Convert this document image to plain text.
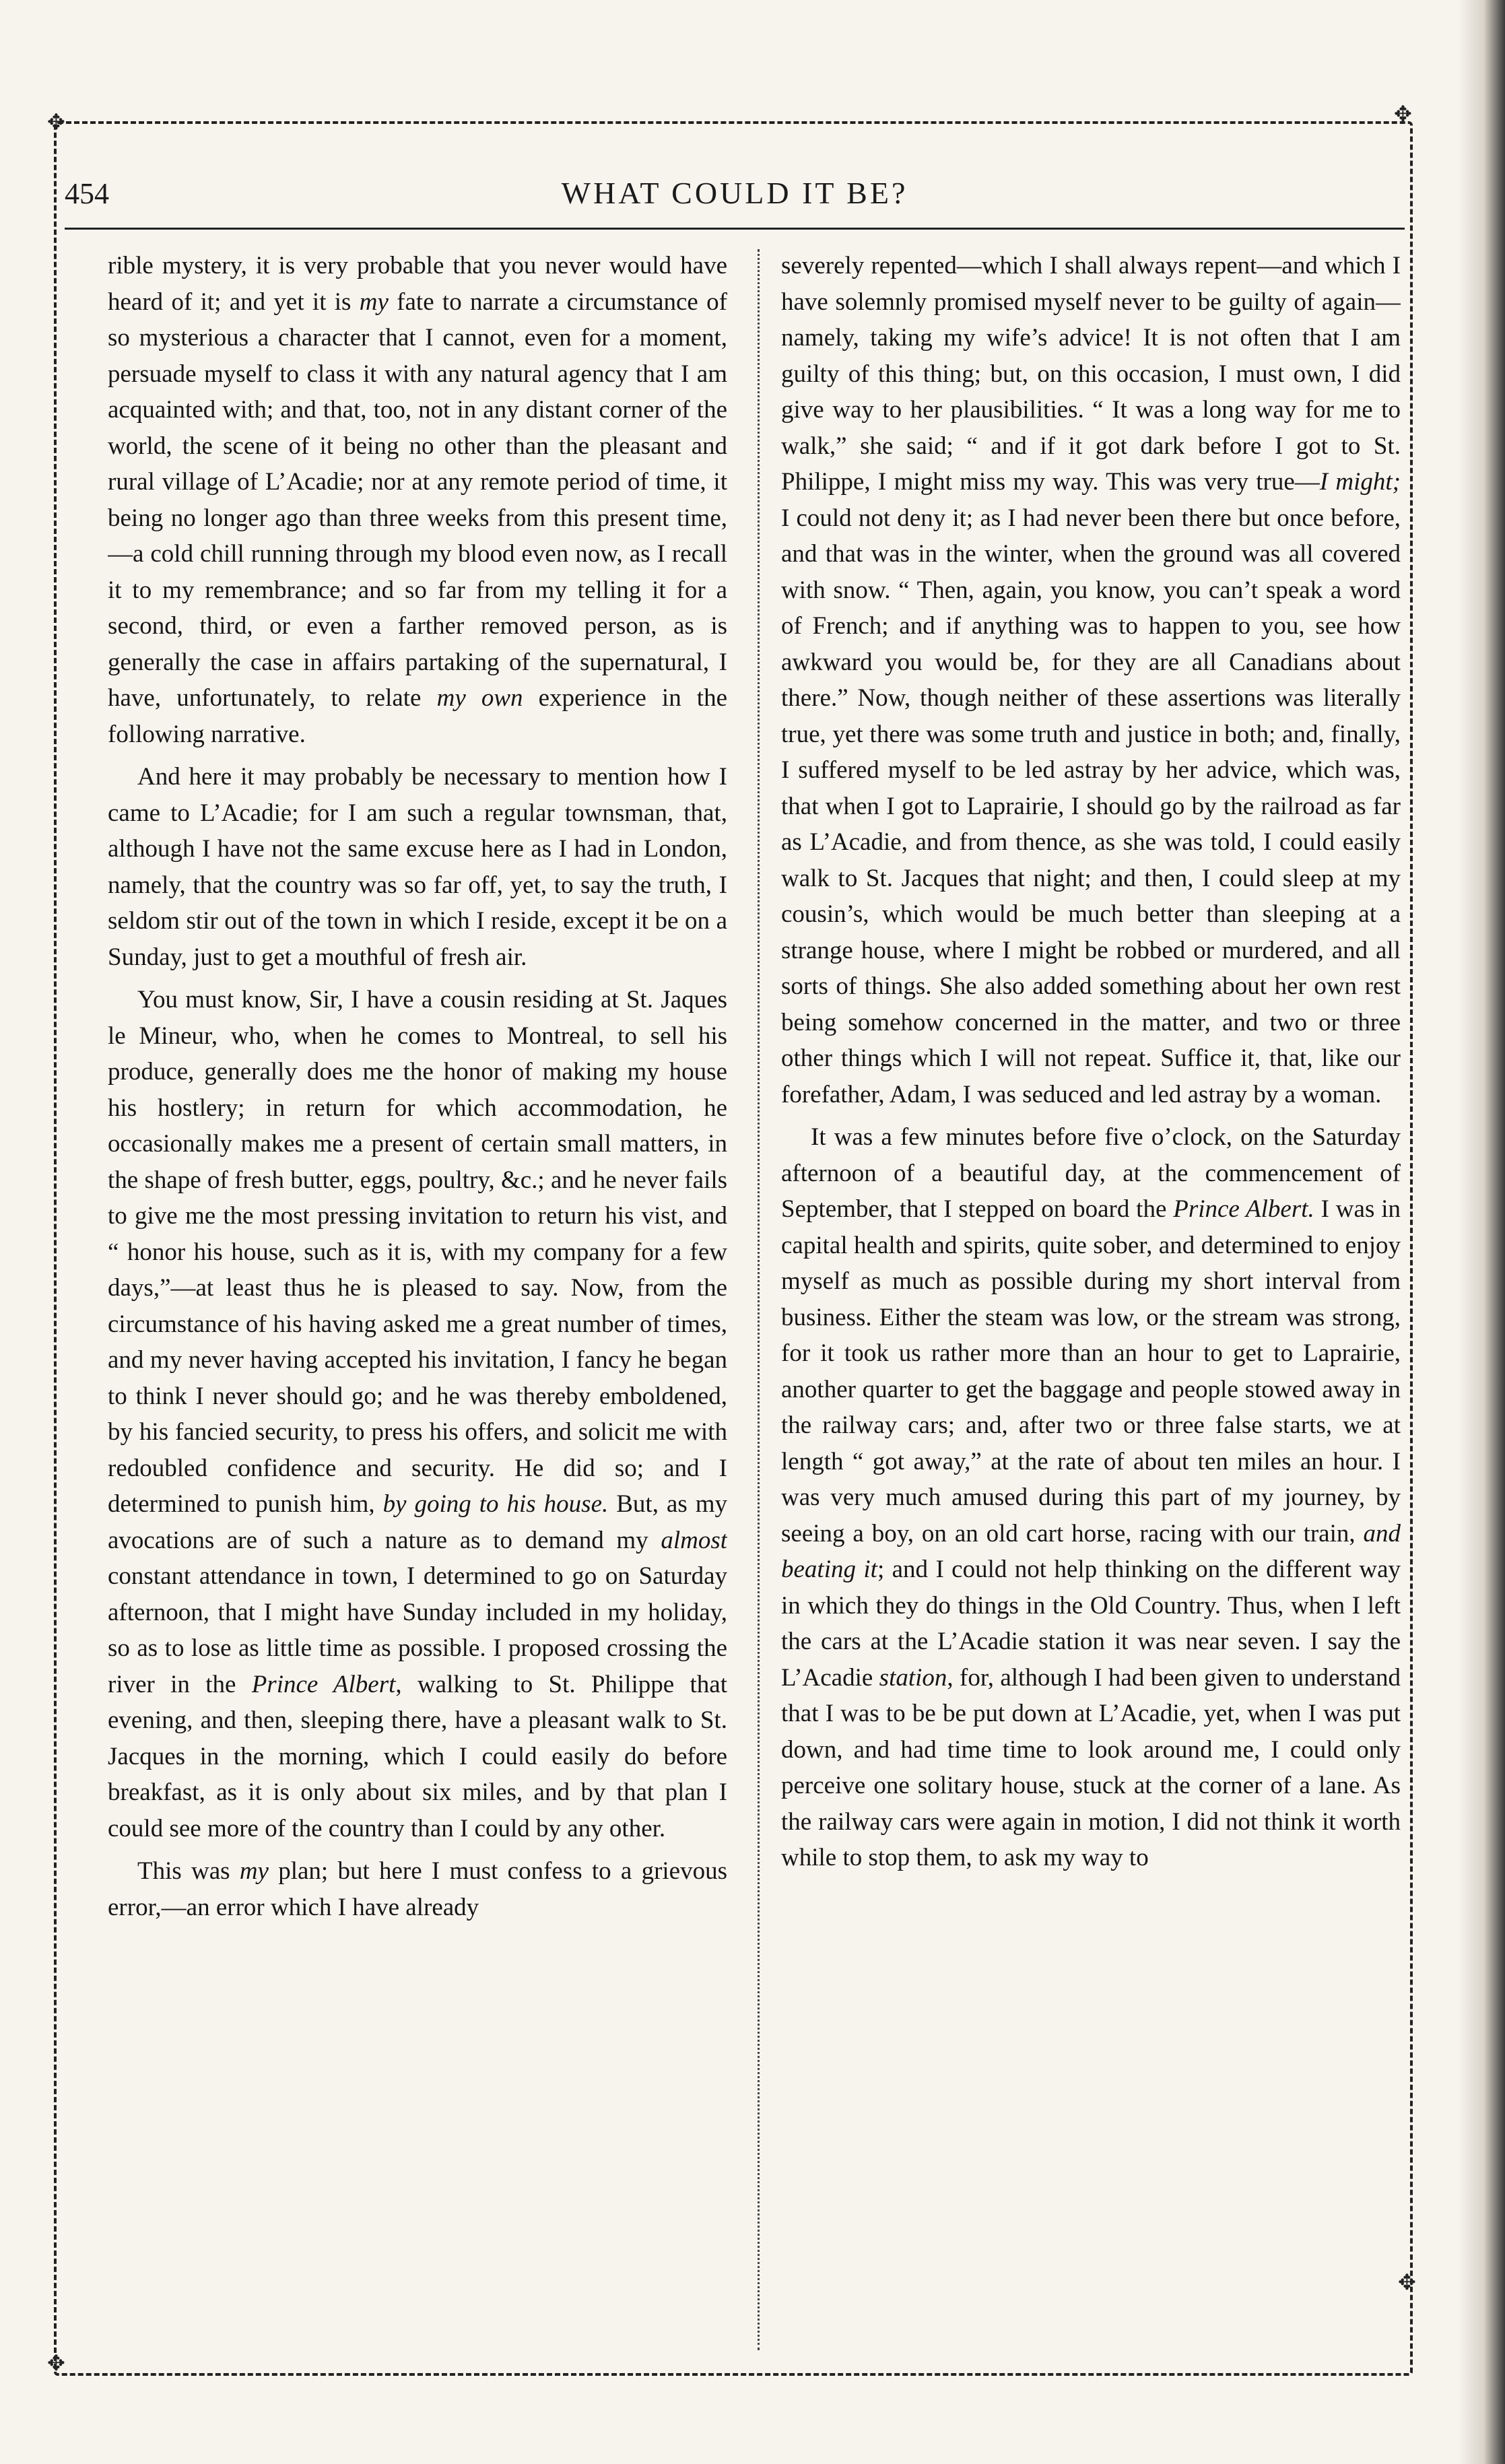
✥	✥
✥
✥
454	WHAT COULD IT BE?

rible mystery, it is very probable that you never would have heard of it; and yet it is my fate to narrate a circumstance of so mysterious a character that I cannot, even for a moment, persuade myself to class it with any natural agency that I am acquainted with; and that, too, not in any distant corner of the world, the scene of it being no other than the pleasant and rural village of L’Acadie; nor at any remote period of time, it being no longer ago than three weeks from this present time,—a cold chill running through my blood even now, as I recall it to my remembrance; and so far from my telling it for a second, third, or even a farther removed person, as is generally the case in affairs partaking of the supernatural, I have, unfortunately, to relate my own experience in the following narrative.

And here it may probably be necessary to mention how I came to L’Acadie; for I am such a regular townsman, that, although I have not the same excuse here as I had in London, namely, that the country was so far off, yet, to say the truth, I seldom stir out of the town in which I reside, except it be on a Sunday, just to get a mouthful of fresh air.

You must know, Sir, I have a cousin residing at St. Jaques le Mineur, who, when he comes to Montreal, to sell his produce, generally does me the honor of making my house his hostlery; in return for which accommodation, he occasionally makes me a present of certain small matters, in the shape of fresh butter, eggs, poultry, &c.; and he never fails to give me the most pressing invitation to return his vist, and “ honor his house, such as it is, with my company for a few days,”—at least thus he is pleased to say. Now, from the circumstance of his having asked me a great number of times, and my never having accepted his invitation, I fancy he began to think I never should go; and he was thereby emboldened, by his fancied security, to press his offers, and solicit me with redoubled confidence and security. He did so; and I determined to punish him, by going to his house. But, as my avocations are of such a nature as to demand my almost constant attendance in town, I determined to go on Saturday afternoon, that I might have Sunday included in my holiday, so as to lose as little time as possible. I proposed crossing the river in the Prince Albert, walking to St. Philippe that evening, and then, sleeping there, have a pleasant walk to St. Jacques in the morning, which I could easily do before breakfast, as it is only about six miles, and by that plan I could see more of the country than I could by any other.

This was my plan; but here I must confess to a grievous error,—an error which I have already

severely repented—which I shall always repent—and which I have solemnly promised myself never to be guilty of again—namely, taking my wife’s advice! It is not often that I am guilty of this thing; but, on this occasion, I must own, I did give way to her plausibilities. “ It was a long way for me to walk,” she said; “ and if it got dark before I got to St. Philippe, I might miss my way. This was very true—I might; I could not deny it; as I had never been there but once before, and that was in the winter, when the ground was all covered with snow. “ Then, again, you know, you can’t speak a word of French; and if anything was to happen to you, see how awkward you would be, for they are all Canadians about there.” Now, though neither of these assertions was literally true, yet there was some truth and justice in both; and, finally, I suffered myself to be led astray by her advice, which was, that when I got to Laprairie, I should go by the railroad as far as L’Acadie, and from thence, as she was told, I could easily walk to St. Jacques that night; and then, I could sleep at my cousin’s, which would be much better than sleeping at a strange house, where I might be robbed or murdered, and all sorts of things. She also added something about her own rest being somehow concerned in the matter, and two or three other things which I will not repeat. Suffice it, that, like our forefather, Adam, I was seduced and led astray by a woman.

It was a few minutes before five o’clock, on the Saturday afternoon of a beautiful day, at the commencement of September, that I stepped on board the Prince Albert. I was in capital health and spirits, quite sober, and determined to enjoy myself as much as possible during my short interval from business. Either the steam was low, or the stream was strong, for it took us rather more than an hour to get to Laprairie, another quarter to get the baggage and people stowed away in the railway cars; and, after two or three false starts, we at length “ got away,” at the rate of about ten miles an hour. I was very much amused during this part of my journey, by seeing a boy, on an old cart horse, racing with our train, and beating it; and I could not help thinking on the different way in which they do things in the Old Country. Thus, when I left the cars at the L’Acadie station it was near seven. I say the L’Acadie station, for, although I had been given to understand that I was to be be put down at L’Acadie, yet, when I was put down, and had time time to look around me, I could only perceive one solitary house, stuck at the corner of a lane. As the railway cars were again in motion, I did not think it worth while to stop them, to ask my way to
